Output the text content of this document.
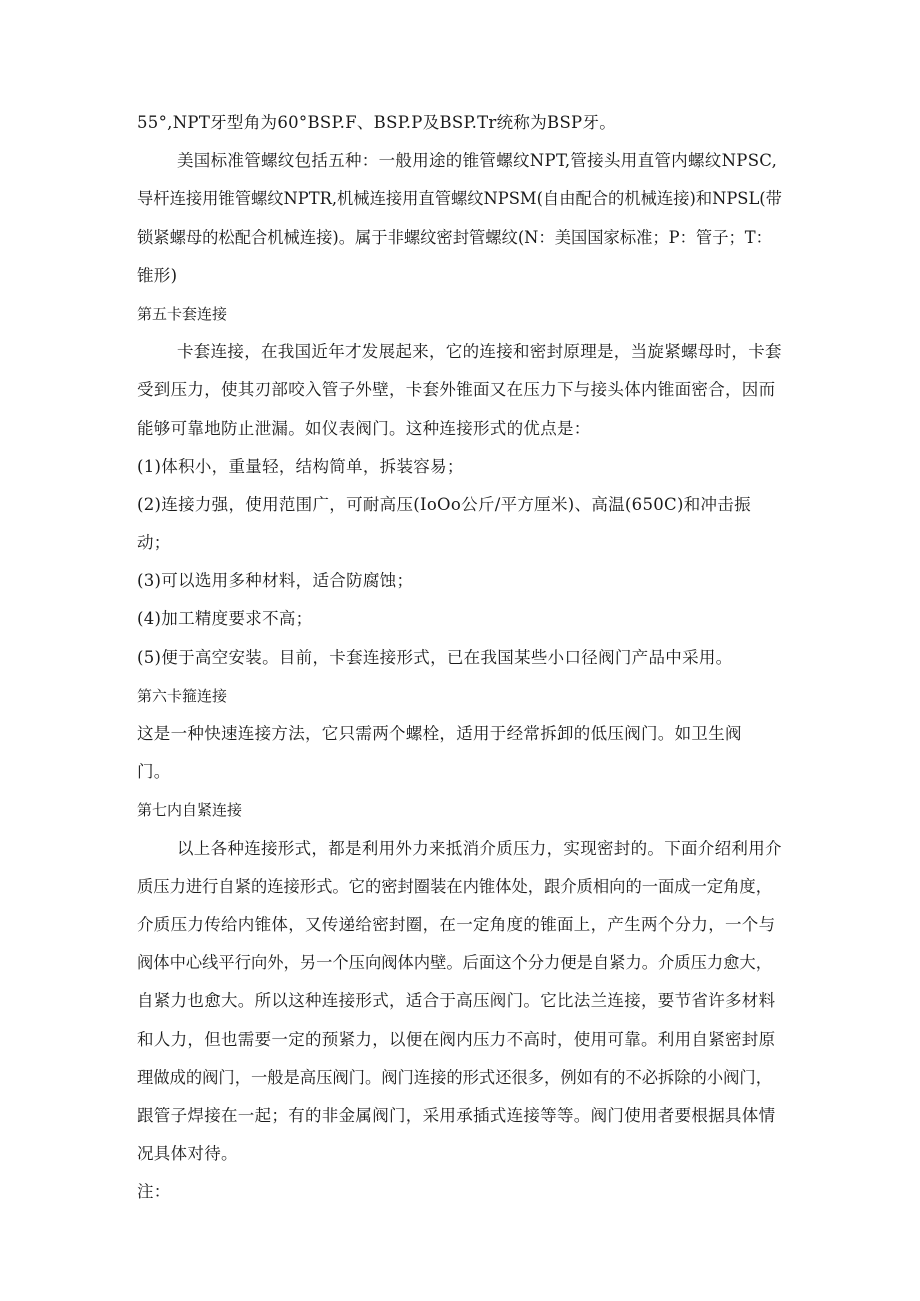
55°,NPT牙型角为60°BSP.F、BSP.P及BSP.Tr统称为BSP牙。
美国标准管螺纹包括五种：一般用途的锥管螺纹NPT,管接头用直管内螺纹NPSC,
导杆连接用锥管螺纹NPTR,机械连接用直管螺纹NPSM(自由配合的机械连接)和NPSL(带
锁紧螺母的松配合机械连接)。属于非螺纹密封管螺纹(N：美国国家标准；P：管子；T：
锥形)
第五卡套连接
卡套连接，在我国近年才发展起来，它的连接和密封原理是，当旋紧螺母时，卡套
受到压力，使其刃部咬入管子外壁，卡套外锥面又在压力下与接头体内锥面密合，因而
能够可靠地防止泄漏。如仪表阀门。这种连接形式的优点是：
(1)体积小，重量轻，结构简单，拆装容易；
(2)连接力强，使用范围广，可耐高压(IoOo公斤/平方厘米)、高温(650C)和冲击振
动；
(3)可以选用多种材料，适合防腐蚀；
(4)加工精度要求不高；
(5)便于高空安装。目前，卡套连接形式，已在我国某些小口径阀门产品中采用。
第六卡箍连接
这是一种快速连接方法，它只需两个螺栓，适用于经常拆卸的低压阀门。如卫生阀
门。
第七内自紧连接
以上各种连接形式，都是利用外力来抵消介质压力，实现密封的。下面介绍利用介
质压力进行自紧的连接形式。它的密封圈装在内锥体处，跟介质相向的一面成一定角度，
介质压力传给内锥体，又传递给密封圈，在一定角度的锥面上，产生两个分力，一个与
阀体中心线平行向外，另一个压向阀体内壁。后面这个分力便是自紧力。介质压力愈大，
自紧力也愈大。所以这种连接形式，适合于高压阀门。它比法兰连接，要节省许多材料
和人力，但也需要一定的预紧力，以便在阀内压力不高时，使用可靠。利用自紧密封原
理做成的阀门，一般是高压阀门。阀门连接的形式还很多，例如有的不必拆除的小阀门，
跟管子焊接在一起；有的非金属阀门，采用承插式连接等等。阀门使用者要根据具体情
况具体对待。
注：
